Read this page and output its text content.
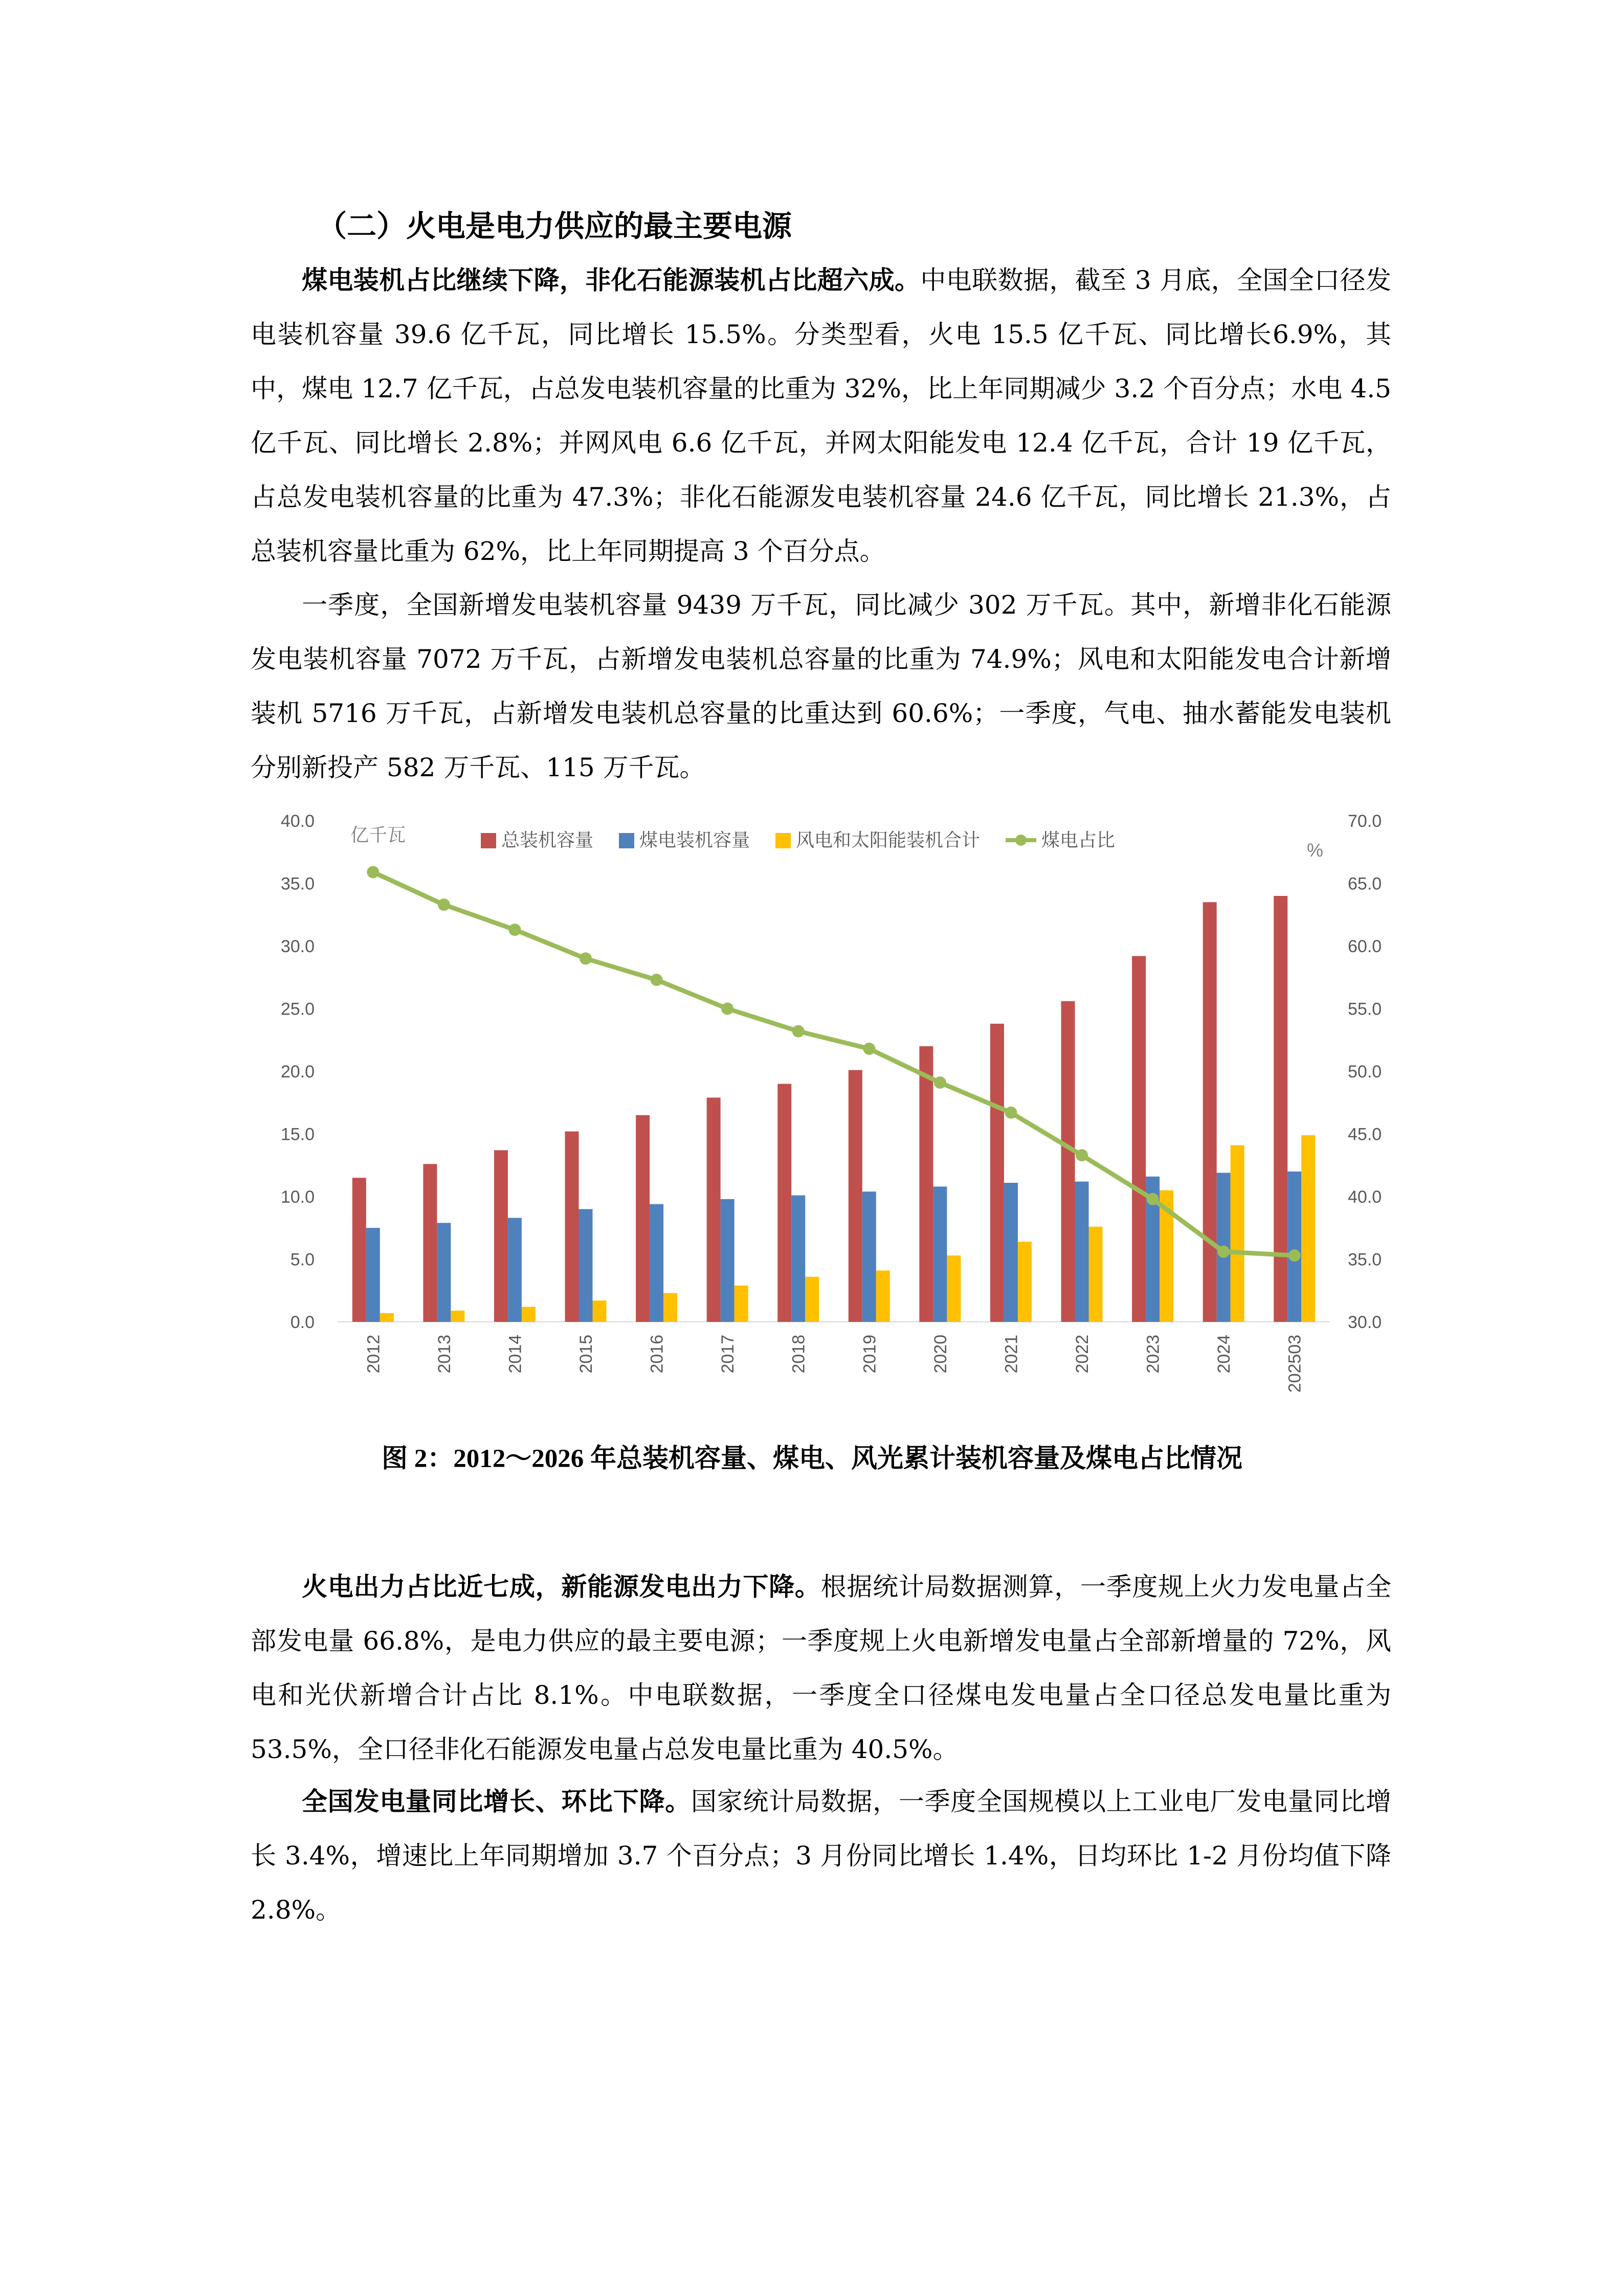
（二）火电是电力供应的最主要电源
煤电装机占比继续下降，非化石能源装机占比超六成。中电联数据，截至 3 月底，全国全口径发电装机容量 39.6 亿千瓦，同比增长 15.5%。分类型看，火电 15.5 亿千瓦、同比增长6.9%，其中，煤电 12.7 亿千瓦，占总发电装机容量的比重为 32%，比上年同期减少 3.2 个百分点；水电 4.5 亿千瓦、同比增长 2.8%；并网风电 6.6 亿千瓦，并网太阳能发电 12.4 亿千瓦，合计 19 亿千瓦，占总发电装机容量的比重为 47.3%；非化石能源发电装机容量 24.6 亿千瓦，同比增长 21.3%，占总装机容量比重为 62%，比上年同期提高 3 个百分点。
一季度，全国新增发电装机容量 9439 万千瓦，同比减少 302 万千瓦。其中，新增非化石能源发电装机容量 7072 万千瓦，占新增发电装机总容量的比重为 74.9%；风电和太阳能发电合计新增装机 5716 万千瓦，占新增发电装机总容量的比重达到 60.6%；一季度，气电、抽水蓄能发电装机分别新投产 582 万千瓦、115 万千瓦。
0.0
5.0
10.0
15.0
20.0
25.0
30.0
35.0
40.0
30.0
35.0
40.0
45.0
50.0
55.0
60.0
65.0
70.0
亿千瓦
%
2012	2013	2014	2015	2016	2017	2018	2019	2020	2021	2022	2023	2024	202503
总装机容量 煤电装机容量 风电和太阳能装机合计	煤电占比
图 2：2012～2026 年总装机容量、煤电、风光累计装机容量及煤电占比情况
火电出力占比近七成，新能源发电出力下降。根据统计局数据测算，一季度规上火力发电量占全部发电量 66.8%，是电力供应的最主要电源；一季度规上火电新增发电量占全部新增量的 72%，风电和光伏新增合计占比 8.1%。中电联数据，一季度全口径煤电发电量占全口径总发电量比重为 53.5%，全口径非化石能源发电量占总发电量比重为 40.5%。
全国发电量同比增长、环比下降。国家统计局数据，一季度全国规模以上工业电厂发电量同比增长 3.4%，增速比上年同期增加 3.7 个百分点；3 月份同比增长 1.4%，日均环比 1-2 月份均值下降 2.8%。
